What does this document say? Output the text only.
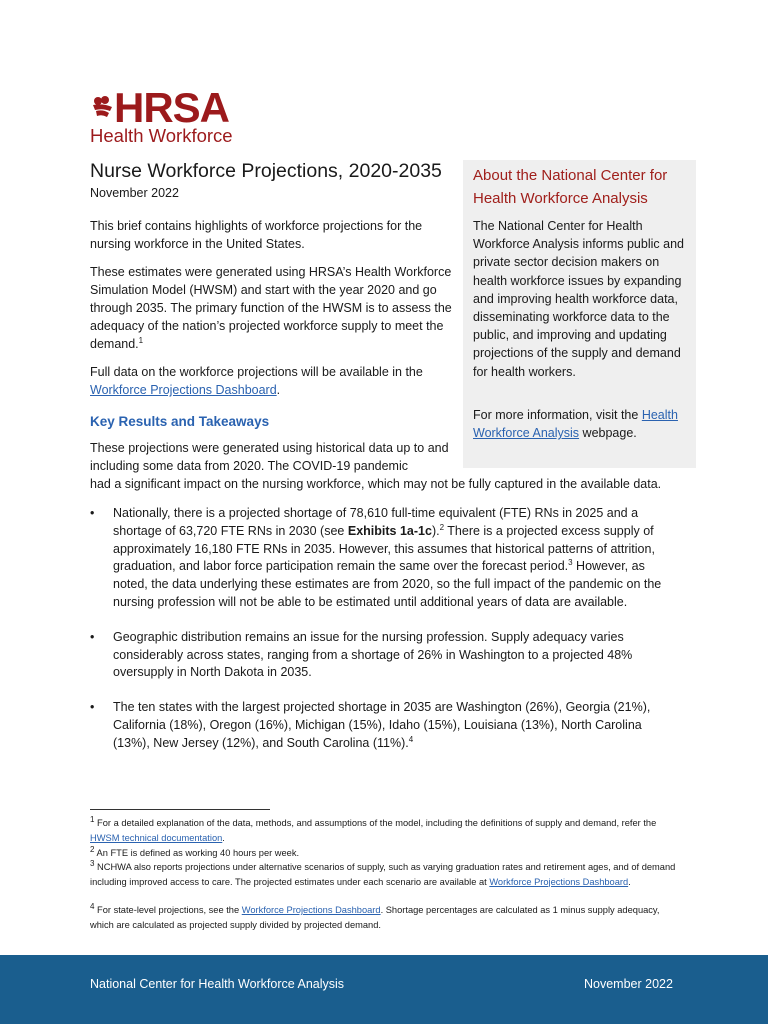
HRSA
Health Workforce
Nurse Workforce Projections, 2020-2035
November 2022

This brief contains highlights of workforce projections for the nursing workforce in the United States.

These estimates were generated using HRSA’s Health Workforce Simulation Model (HWSM) and start with the year 2020 and go through 2035. The primary function of the HWSM is to assess the adequacy of the nation’s projected workforce supply to meet the demand.$^1$

Full data on the workforce projections will be available in the Workforce Projections Dashboard.

Key Results and Takeaways

These projections were generated using historical data up to and including some data from 2020. The COVID-19 pandemic
had a significant impact on the nursing workforce, which may not be fully captured in the available data.

About the National Center for Health Workforce Analysis

The National Center for Health Workforce Analysis informs public and private sector decision makers on health workforce issues by expanding and improving health workforce data, disseminating workforce data to the public, and improving and updating projections of the supply and demand for health workers.

For more information, visit the Health Workforce Analysis webpage.

• Nationally, there is a projected shortage of 78,610 full-time equivalent (FTE) RNs in 2025 and a shortage of 63,720 FTE RNs in 2030 (see Exhibits 1a-1c).$^2$ There is a projected excess supply of approximately 16,180 FTE RNs in 2035. However, this assumes that historical patterns of attrition, graduation, and labor force participation remain the same over the forecast period.$^3$ However, as noted, the data underlying these estimates are from 2020, so the full impact of the pandemic on the nursing profession will not be able to be estimated until additional years of data are available.
• Geographic distribution remains an issue for the nursing profession. Supply adequacy varies considerably across states, ranging from a shortage of 26% in Washington to a projected 48% oversupply in North Dakota in 2035.
• The ten states with the largest projected shortage in 2035 are Washington (26%), Georgia (21%), California (18%), Oregon (16%), Michigan (15%), Idaho (15%), Louisiana (13%), North Carolina (13%), New Jersey (12%), and South Carolina (11%).$^4$

$^1$ For a detailed explanation of the data, methods, and assumptions of the model, including the definitions of supply and demand, refer the HWSM technical documentation.

$^2$ An FTE is defined as working 40 hours per week.

$^3$ NCHWA also reports projections under alternative scenarios of supply, such as varying graduation rates and retirement ages, and of demand including improved access to care. The projected estimates under each scenario are available at Workforce Projections Dashboard.

$^4$ For state-level projections, see the Workforce Projections Dashboard. Shortage percentages are calculated as 1 minus supply adequacy, which are calculated as projected supply divided by projected demand.

National Center for Health Workforce Analysis	November 2022
